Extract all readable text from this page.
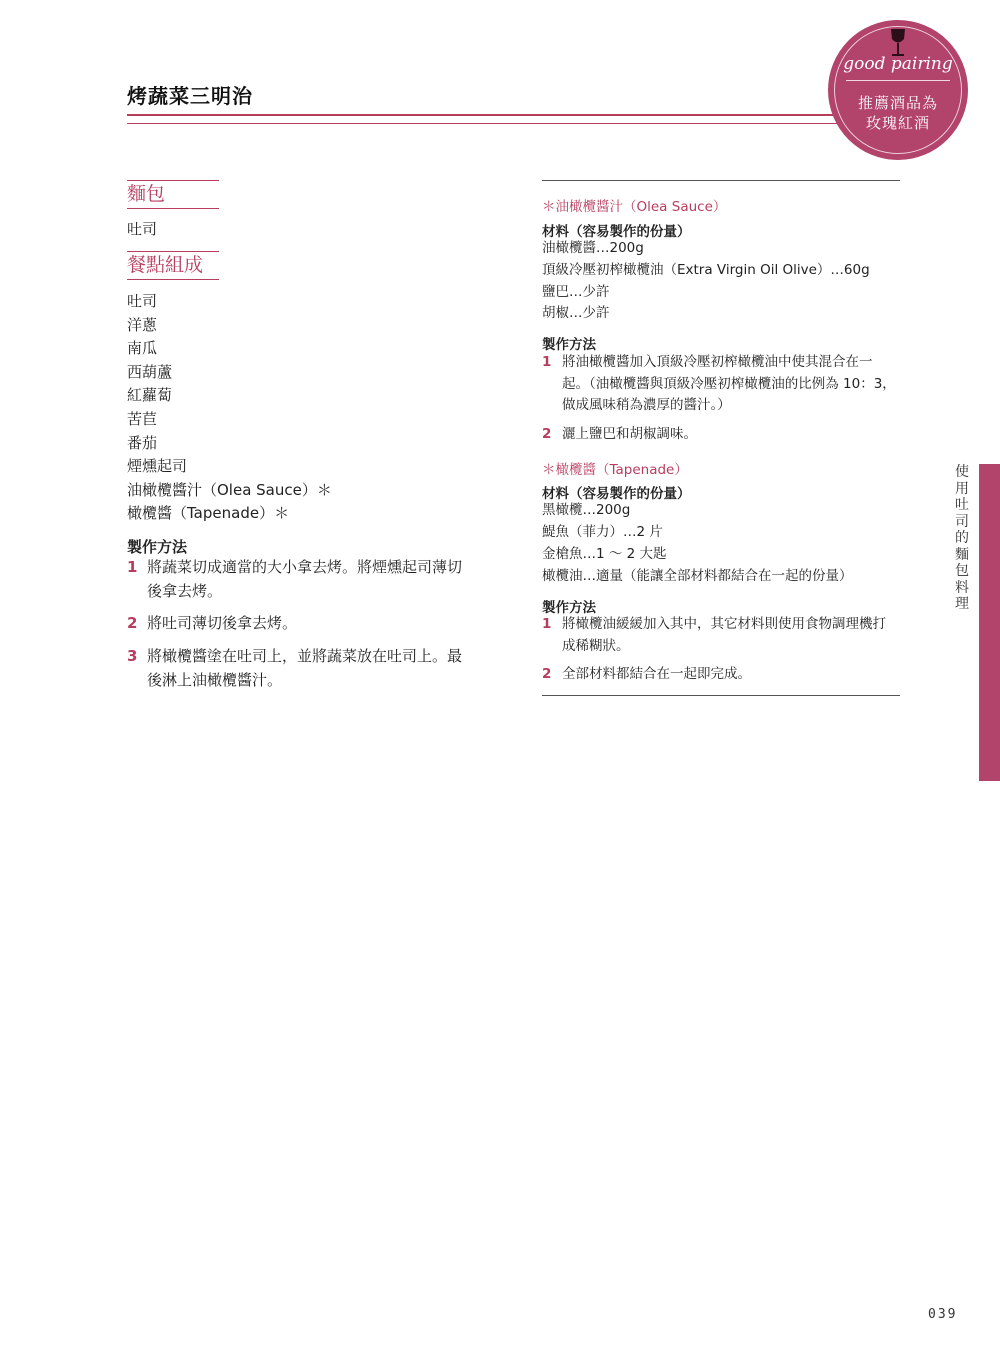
烤蔬菜三明治
good pairing
推薦酒品為
玫瑰紅酒
麵包
吐司
餐點組成
吐司
洋蔥
南瓜
西葫蘆
紅蘿蔔
苦苣
番茄
煙燻起司
油橄欖醬汁（Olea Sauce）＊
橄欖醬（Tapenade）＊
製作方法
1 將蔬菜切成適當的大小拿去烤。將煙燻起司薄切
後拿去烤。
2 將吐司薄切後拿去烤。
3 將橄欖醬塗在吐司上，並將蔬菜放在吐司上。最
後淋上油橄欖醬汁。
＊油橄欖醬汁（Olea Sauce）
材料（容易製作的份量）
油橄欖醬…200g
頂級冷壓初榨橄欖油（Extra Virgin Oil Olive）…60g
鹽巴…少許
胡椒…少許
製作方法
1 將油橄欖醬加入頂級冷壓初榨橄欖油中使其混合在一
起。（油橄欖醬與頂級冷壓初榨橄欖油的比例為 10：3，
做成風味稍為濃厚的醬汁。）
2 灑上鹽巴和胡椒調味。
＊橄欖醬（Tapenade）
材料（容易製作的份量）
黑橄欖…200g
鯷魚（菲力）…2 片
金槍魚…1 ～ 2 大匙
橄欖油…適量（能讓全部材料都結合在一起的份量）
製作方法
1 將橄欖油緩緩加入其中，其它材料則使用食物調理機打
成稀糊狀。
2 全部材料都結合在一起即完成。
使用吐司的麵包料理
039
